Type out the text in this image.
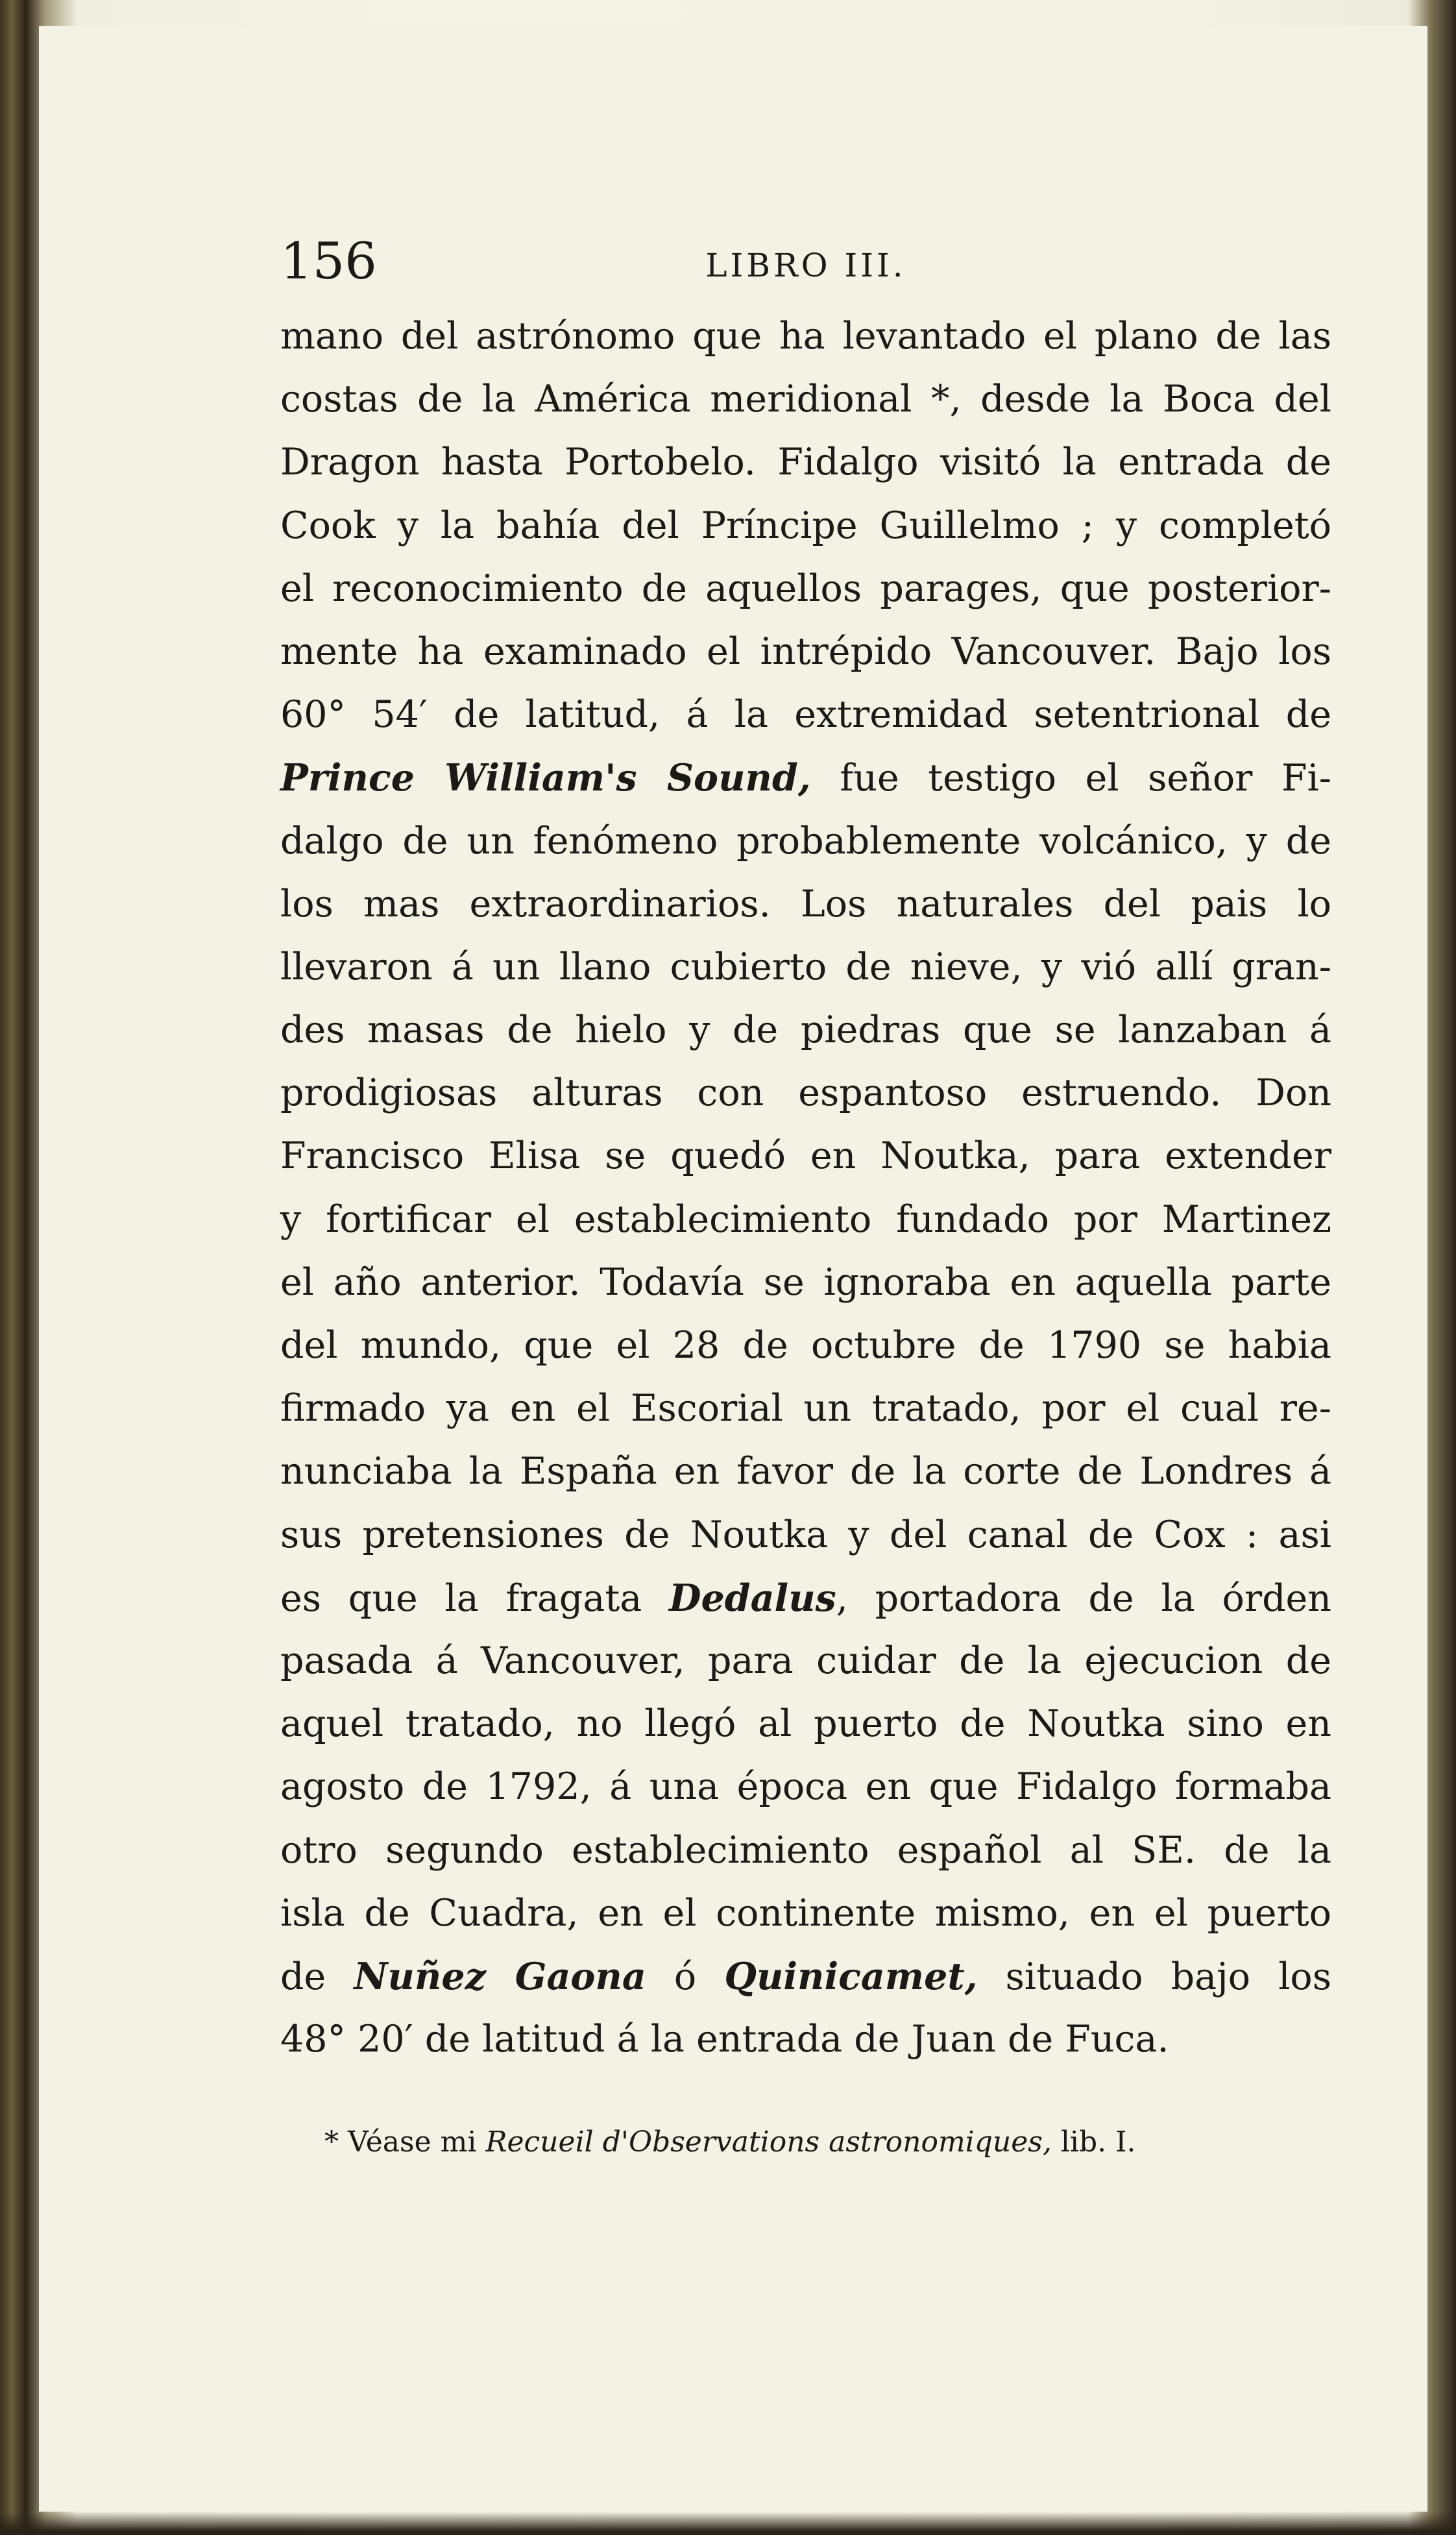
156	LIBRO III.
mano del astrónomo que ha levantado el plano de las
costas de la América meridional *, desde la Boca del
Dragon hasta Portobelo. Fidalgo visitó la entrada de
Cook y la bahía del Príncipe Guillelmo ; y completó
el reconocimiento de aquellos parages, que posterior-
mente ha examinado el intrépido Vancouver. Bajo los
60° 54′ de latitud, á la extremidad setentrional de
Prince William's Sound, fue testigo el señor Fi-
dalgo de un fenómeno probablemente volcánico, y de
los mas extraordinarios. Los naturales del pais lo
llevaron á un llano cubierto de nieve, y vió allí gran-
des masas de hielo y de piedras que se lanzaban á
prodigiosas alturas con espantoso estruendo. Don
Francisco Elisa se quedó en Noutka, para extender
y fortificar el establecimiento fundado por Martinez
el año anterior. Todavía se ignoraba en aquella parte
del mundo, que el 28 de octubre de 1790 se habia
firmado ya en el Escorial un tratado, por el cual re-
nunciaba la España en favor de la corte de Londres á
sus pretensiones de Noutka y del canal de Cox : asi
es que la fragata Dedalus, portadora de la órden
pasada á Vancouver, para cuidar de la ejecucion de
aquel tratado, no llegó al puerto de Noutka sino en
agosto de 1792, á una época en que Fidalgo formaba
otro segundo establecimiento español al SE. de la
isla de Cuadra, en el continente mismo, en el puerto
de Nuñez Gaona ó Quinicamet, situado bajo los
48° 20′ de latitud á la entrada de Juan de Fuca.
* Véase mi Recueil d'Observations astronomiques, lib. I.
